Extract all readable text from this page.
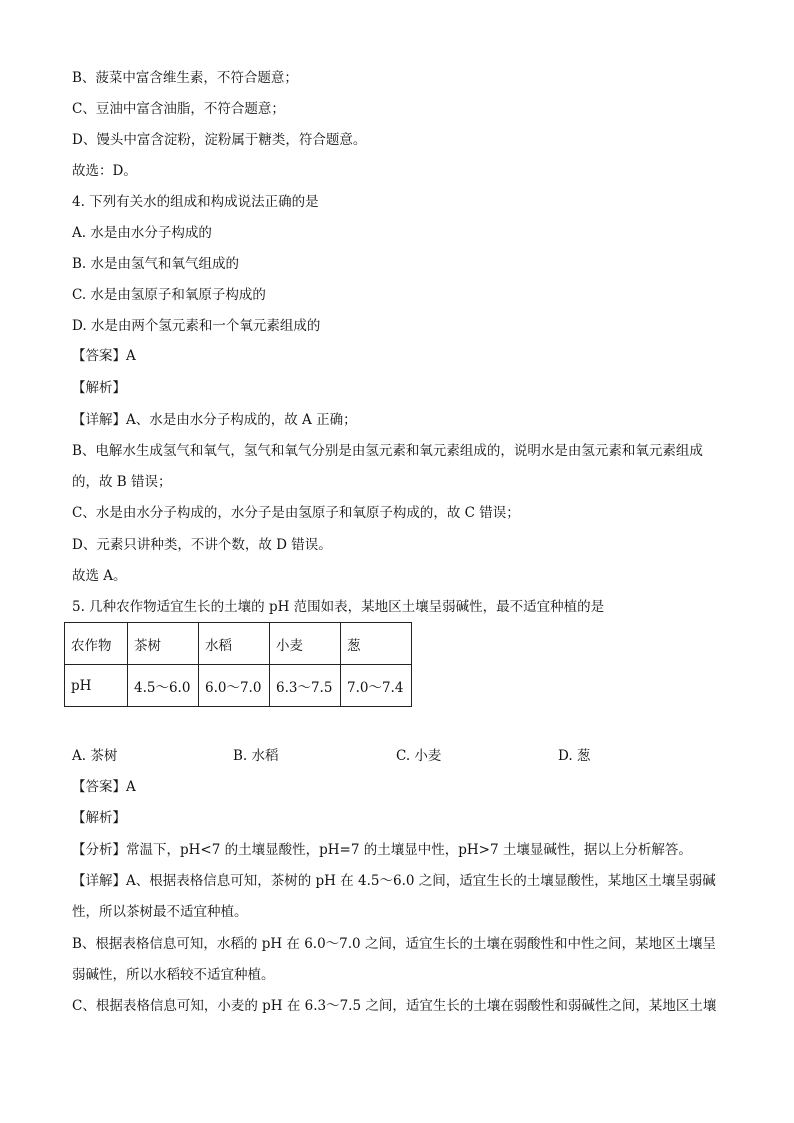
B、菠菜中富含维生素，不符合题意；
C、豆油中富含油脂，不符合题意；
D、馒头中富含淀粉，淀粉属于糖类，符合题意。
故选：D。
4. 下列有关水的组成和构成说法正确的是
A. 水是由水分子构成的
B. 水是由氢气和氧气组成的
C. 水是由氢原子和氧原子构成的
D. 水是由两个氢元素和一个氧元素组成的
【答案】A
【解析】
【详解】A、水是由水分子构成的，故 A 正确；
B、电解水生成氢气和氧气，氢气和氧气分别是由氢元素和氧元素组成的，说明水是由氢元素和氧元素组成
的，故 B 错误；
C、水是由水分子构成的，水分子是由氢原子和氧原子构成的，故 C 错误；
D、元素只讲种类，不讲个数，故 D 错误。
故选 A。
5. 几种农作物适宜生长的土壤的 pH 范围如表，某地区土壤呈弱碱性，最不适宜种植的是
农作物	茶树	水稻	小麦	葱
pH	4.5～6.0	6.0～7.0	6.3～7.5	7.0～7.4
A. 茶树	B. 水稻	C. 小麦	D. 葱
【答案】A
【解析】
【分析】常温下，pH<7 的土壤显酸性，pH=7 的土壤显中性，pH>7 土壤显碱性，据以上分析解答。
【详解】A、根据表格信息可知，茶树的 pH 在 4.5～6.0 之间，适宜生长的土壤显酸性，某地区土壤呈弱碱
性，所以茶树最不适宜种植。
B、根据表格信息可知，水稻的 pH 在 6.0～7.0 之间，适宜生长的土壤在弱酸性和中性之间，某地区土壤呈
弱碱性，所以水稻较不适宜种植。
C、根据表格信息可知，小麦的 pH 在 6.3～7.5 之间，适宜生长的土壤在弱酸性和弱碱性之间，某地区土壤
